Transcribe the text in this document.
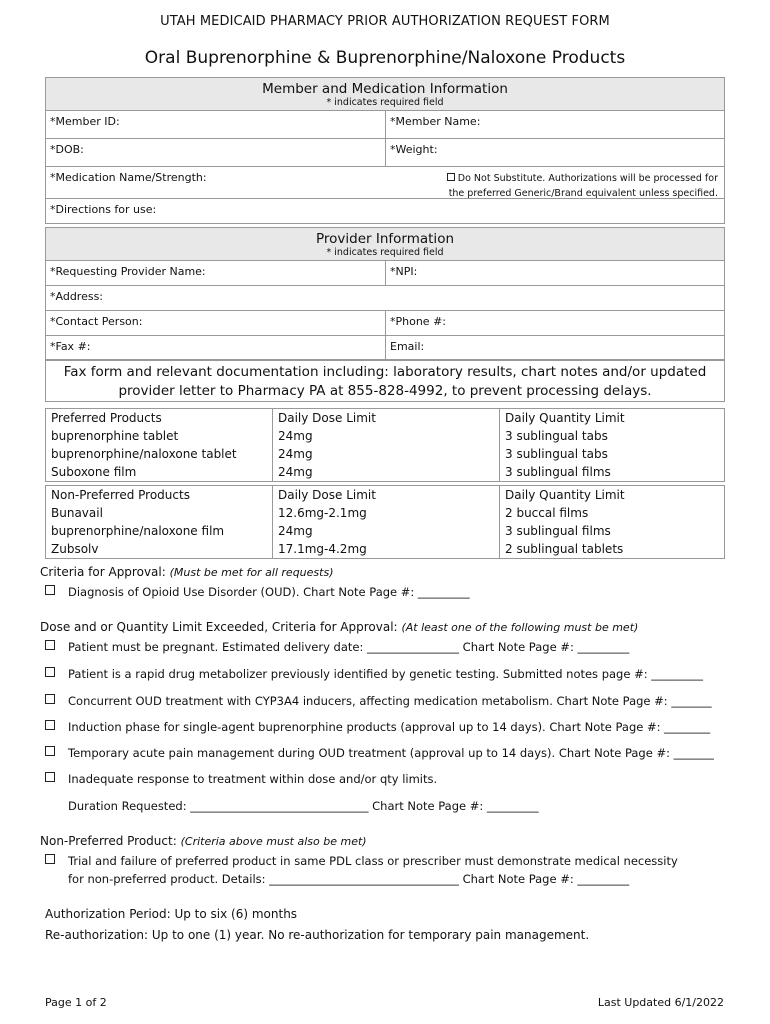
UTAH MEDICAID PHARMACY PRIOR AUTHORIZATION REQUEST FORM
Oral Buprenorphine & Buprenorphine/Naloxone Products
Member and Medication Information
* indicates required field
*Member ID:	*Member Name:
*DOB:	*Weight:
*Medication Name/Strength:	Do Not Substitute. Authorizations will be processed for
the preferred Generic/Brand equivalent unless specified.
*Directions for use:
Provider Information
* indicates required field
*Requesting Provider Name:	*NPI:
*Address:
*Contact Person:	*Phone #:
*Fax #:	Email:
Fax form and relevant documentation including: laboratory results, chart notes and/or updated
provider letter to Pharmacy PA at 855-828-4992, to prevent processing delays.
Preferred Products	Daily Dose Limit	Daily Quantity Limit
buprenorphine tablet	24mg	3 sublingual tabs
buprenorphine/naloxone tablet	24mg	3 sublingual tabs
Suboxone film	24mg	3 sublingual films
Non-Preferred Products	Daily Dose Limit	Daily Quantity Limit
Bunavail	12.6mg-2.1mg	2 buccal films
buprenorphine/naloxone film	24mg	3 sublingual films
Zubsolv	17.1mg-4.2mg	2 sublingual tablets
Criteria for Approval: (Must be met for all requests)
Diagnosis of Opioid Use Disorder (OUD). Chart Note Page #: _________
Dose and or Quantity Limit Exceeded, Criteria for Approval: (At least one of the following must be met)
Patient must be pregnant. Estimated delivery date: ________________ Chart Note Page #: _________
Patient is a rapid drug metabolizer previously identified by genetic testing. Submitted notes page #: _________
Concurrent OUD treatment with CYP3A4 inducers, affecting medication metabolism. Chart Note Page #: _______
Induction phase for single-agent buprenorphine products (approval up to 14 days). Chart Note Page #: ________
Temporary acute pain management during OUD treatment (approval up to 14 days). Chart Note Page #: _______
Inadequate response to treatment within dose and/or qty limits.
Duration Requested: _______________________________ Chart Note Page #: _________
Non-Preferred Product: (Criteria above must also be met)
Trial and failure of preferred product in same PDL class or prescriber must demonstrate medical necessity
for non-preferred product. Details: _________________________________ Chart Note Page #: _________
Authorization Period: Up to six (6) months
Re-authorization: Up to one (1) year. No re-authorization for temporary pain management.
Page 1 of 2	Last Updated 6/1/2022
